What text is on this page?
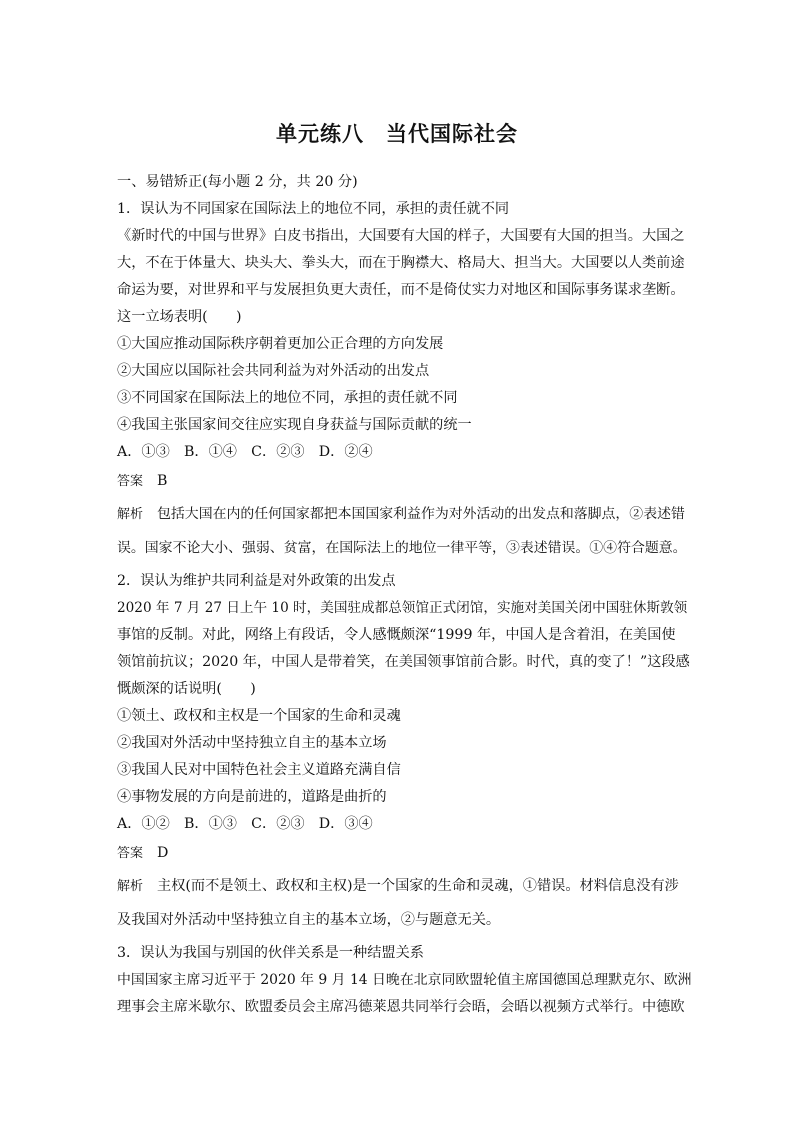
单元练八　当代国际社会
一、易错矫正(每小题 2 分，共 20 分)
1．误认为不同国家在国际法上的地位不同，承担的责任就不同
《新时代的中国与世界》白皮书指出，大国要有大国的样子，大国要有大国的担当。大国之
大，不在于体量大、块头大、拳头大，而在于胸襟大、格局大、担当大。大国要以人类前途
命运为要，对世界和平与发展担负更大责任，而不是倚仗实力对地区和国际事务谋求垄断。
这一立场表明(　　)
①大国应推动国际秩序朝着更加公正合理的方向发展
②大国应以国际社会共同利益为对外活动的出发点
③不同国家在国际法上的地位不同，承担的责任就不同
④我国主张国家间交往应实现自身获益与国际贡献的统一
A．①③　B．①④　C．②③　D．②④
答案 B
解析 包括大国在内的任何国家都把本国国家利益作为对外活动的出发点和落脚点，②表述错
误。国家不论大小、强弱、贫富，在国际法上的地位一律平等，③表述错误。①④符合题意。
2．误认为维护共同利益是对外政策的出发点
2020 年 7 月 27 日上午 10 时，美国驻成都总领馆正式闭馆，实施对美国关闭中国驻休斯敦领
事馆的反制。对此，网络上有段话，令人感慨颇深“1999 年，中国人是含着泪，在美国使
领馆前抗议；2020 年，中国人是带着笑，在美国领事馆前合影。时代，真的变了！”这段感
慨颇深的话说明(　　)
①领土、政权和主权是一个国家的生命和灵魂
②我国对外活动中坚持独立自主的基本立场
③我国人民对中国特色社会主义道路充满自信
④事物发展的方向是前进的，道路是曲折的
A．①②　B．①③　C．②③　D．③④
答案 D
解析 主权(而不是领土、政权和主权)是一个国家的生命和灵魂，①错误。材料信息没有涉
及我国对外活动中坚持独立自主的基本立场，②与题意无关。
3．误认为我国与别国的伙伴关系是一种结盟关系
中国国家主席习近平于 2020 年 9 月 14 日晚在北京同欧盟轮值主席国德国总理默克尔、欧洲
理事会主席米歇尔、欧盟委员会主席冯德莱恩共同举行会晤，会晤以视频方式举行。中德欧
